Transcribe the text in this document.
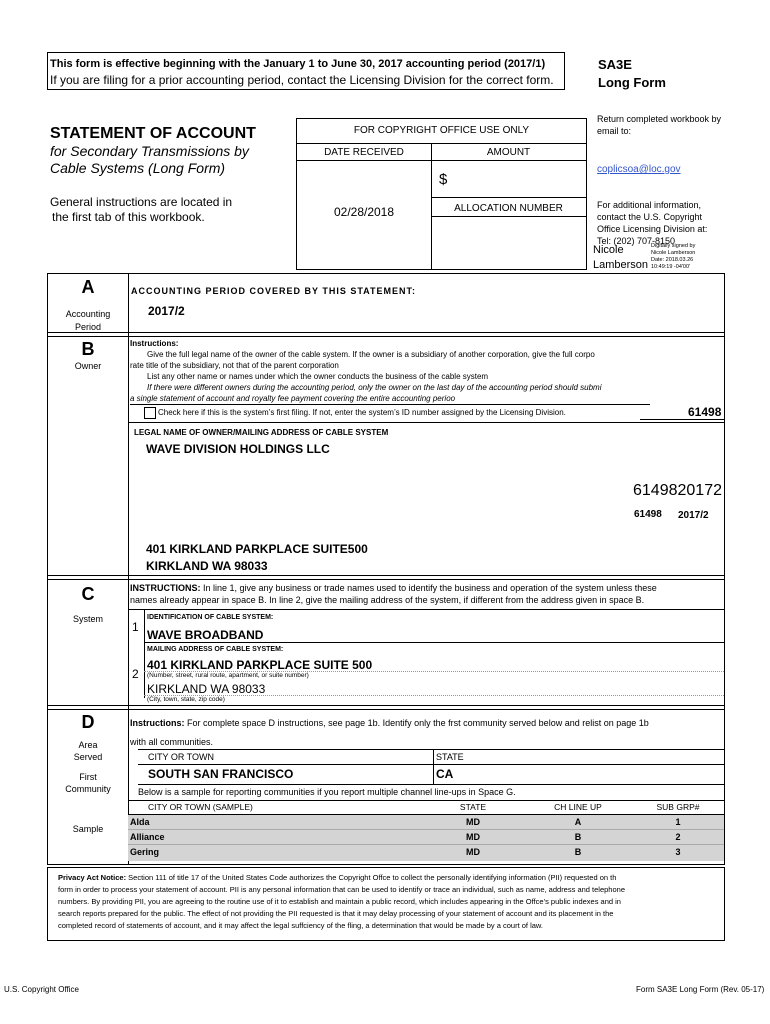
This form is effective beginning with the January 1 to June 30, 2017 accounting period (2017/1)
If you are filing for a prior accounting period, contact the Licensing Division for the correct form.
SA3E
Long Form
STATEMENT OF ACCOUNT
for Secondary Transmissions by
Cable Systems (Long Form)
General instructions are located in
the first tab of this workbook.
FOR COPYRIGHT OFFICE USE ONLY
DATE RECEIVED	AMOUNT
$
ALLOCATION NUMBER
02/28/2018
Return completed workbook by email to:
coplicsoa@loc.gov
For additional information,
contact the U.S. Copyright
Office Licensing Division at:
Tel: (202) 707-8150
Nicole
Lamberson
Digitally signed by
Nicole Lamberson
Date: 2018.03.26
10:49:19 -04'00'
A
Accounting
Period
ACCOUNTING PERIOD COVERED BY THIS STATEMENT:
2017/2
B
Owner
Instructions:
Give the full legal name of the owner of the cable system. If the owner is a subsidiary of another corporation, give the full corpo
rate title of the subsidiary, not that of the parent corporation
List any other name or names under which the owner conducts the business of the cable system
If there were different owners during the accounting period, only the owner on the last day of the accounting period should submi
a single statement of account and royalty fee payment covering the entire accounting perioo
Check here if this is the system’s first filing. If not, enter the system’s ID number assigned by the Licensing Division.	61498
LEGAL NAME OF OWNER/MAILING ADDRESS OF CABLE SYSTEM
WAVE DIVISION HOLDINGS LLC
6149820172
61498 2017/2
401 KIRKLAND PARKPLACE SUITE500
KIRKLAND WA 98033
C
System
INSTRUCTIONS: In line 1, give any business or trade names used to identify the business and operation of the system unless these
names already appear in space B. In line 2, give the mailing address of the system, if different from the address given in space B.
1
IDENTIFICATION OF CABLE SYSTEM:
WAVE BROADBAND
MAILING ADDRESS OF CABLE SYSTEM:
2
401 KIRKLAND PARKPLACE SUITE 500
(Number, street, rural route, apartment, or suite number)
KIRKLAND WA 98033
(City, town, state, zip code)
D
Area
Served
First
Community
Sample
Instructions: For complete space D instructions, see page 1b. Identify only the frst community served below and relist on page 1b
with all communities.
CITY OR TOWN	STATE
SOUTH SAN FRANCISCO	CA
Below is a sample for reporting communities if you report multiple channel line-ups in Space G.
CITY OR TOWN (SAMPLE)	STATE	CH LINE UP	SUB GRP#
Alda	MD	A	1
Alliance	MD	B	2
Gering	MD	B	3
Privacy Act Notice: Section 111 of title 17 of the United States Code authorizes the Copyright Offce to collect the personally identifying information (PII) requested on th
form in order to process your statement of account. PII is any personal information that can be used to identify or trace an individual, such as name, address and telephone
numbers. By providing PII, you are agreeing to the routine use of it to establish and maintain a public record, which includes appearing in the Offce’s public indexes and in
search reports prepared for the public. The effect of not providing the PII requested is that it may delay processing of your statement of account and its placement in the
completed record of statements of account, and it may affect the legal suffciency of the fling, a determination that would be made by a court of law.
U.S. Copyright Office	Form SA3E Long Form (Rev. 05-17)
